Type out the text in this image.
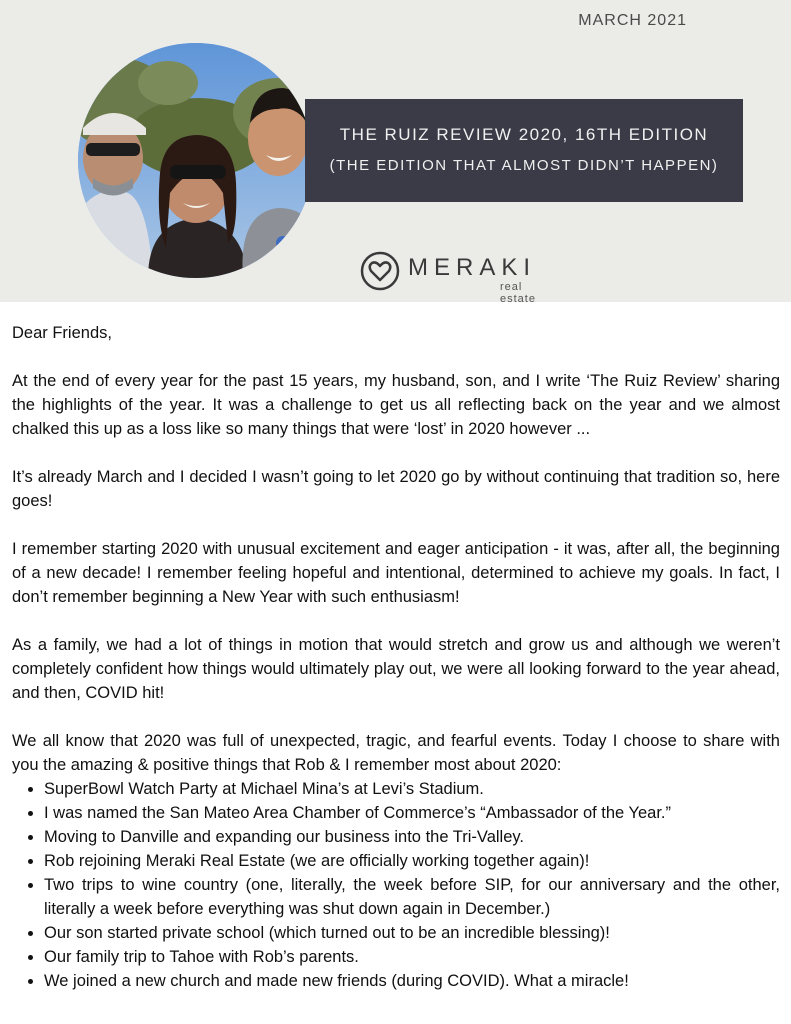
MARCH 2021
THE RUIZ REVIEW 2020, 16TH EDITION
(THE EDITION THAT ALMOST DIDN’T HAPPEN)
MERAKI
real estate

Dear Friends,

At the end of every year for the past 15 years, my husband, son, and I write ‘The Ruiz Review’ sharing the highlights of the year. It was a challenge to get us all reflecting back on the year and we almost chalked this up as a loss like so many things that were ‘lost’ in 2020 however ...

It’s already March and I decided I wasn’t going to let 2020 go by without continuing that tradition so, here goes!

I remember starting 2020 with unusual excitement and eager anticipation - it was, after all, the beginning of a new decade! I remember feeling hopeful and intentional, determined to achieve my goals. In fact, I don’t remember beginning a New Year with such enthusiasm!

As a family, we had a lot of things in motion that would stretch and grow us and although we weren’t completely confident how things would ultimately play out, we were all looking forward to the year ahead, and then, COVID hit!

We all know that 2020 was full of unexpected, tragic, and fearful events. Today I choose to share with you the amazing & positive things that Rob & I remember most about 2020:

• SuperBowl Watch Party at Michael Mina’s at Levi’s Stadium.
• I was named the San Mateo Area Chamber of Commerce’s “Ambassador of the Year.”
• Moving to Danville and expanding our business into the Tri-Valley.
• Rob rejoining Meraki Real Estate (we are officially working together again)!
• Two trips to wine country (one, literally, the week before SIP, for our anniversary and the other, literally a week before everything was shut down again in December.)
• Our son started private school (which turned out to be an incredible blessing)!
• Our family trip to Tahoe with Rob’s parents.
• We joined a new church and made new friends (during COVID). What a miracle!
